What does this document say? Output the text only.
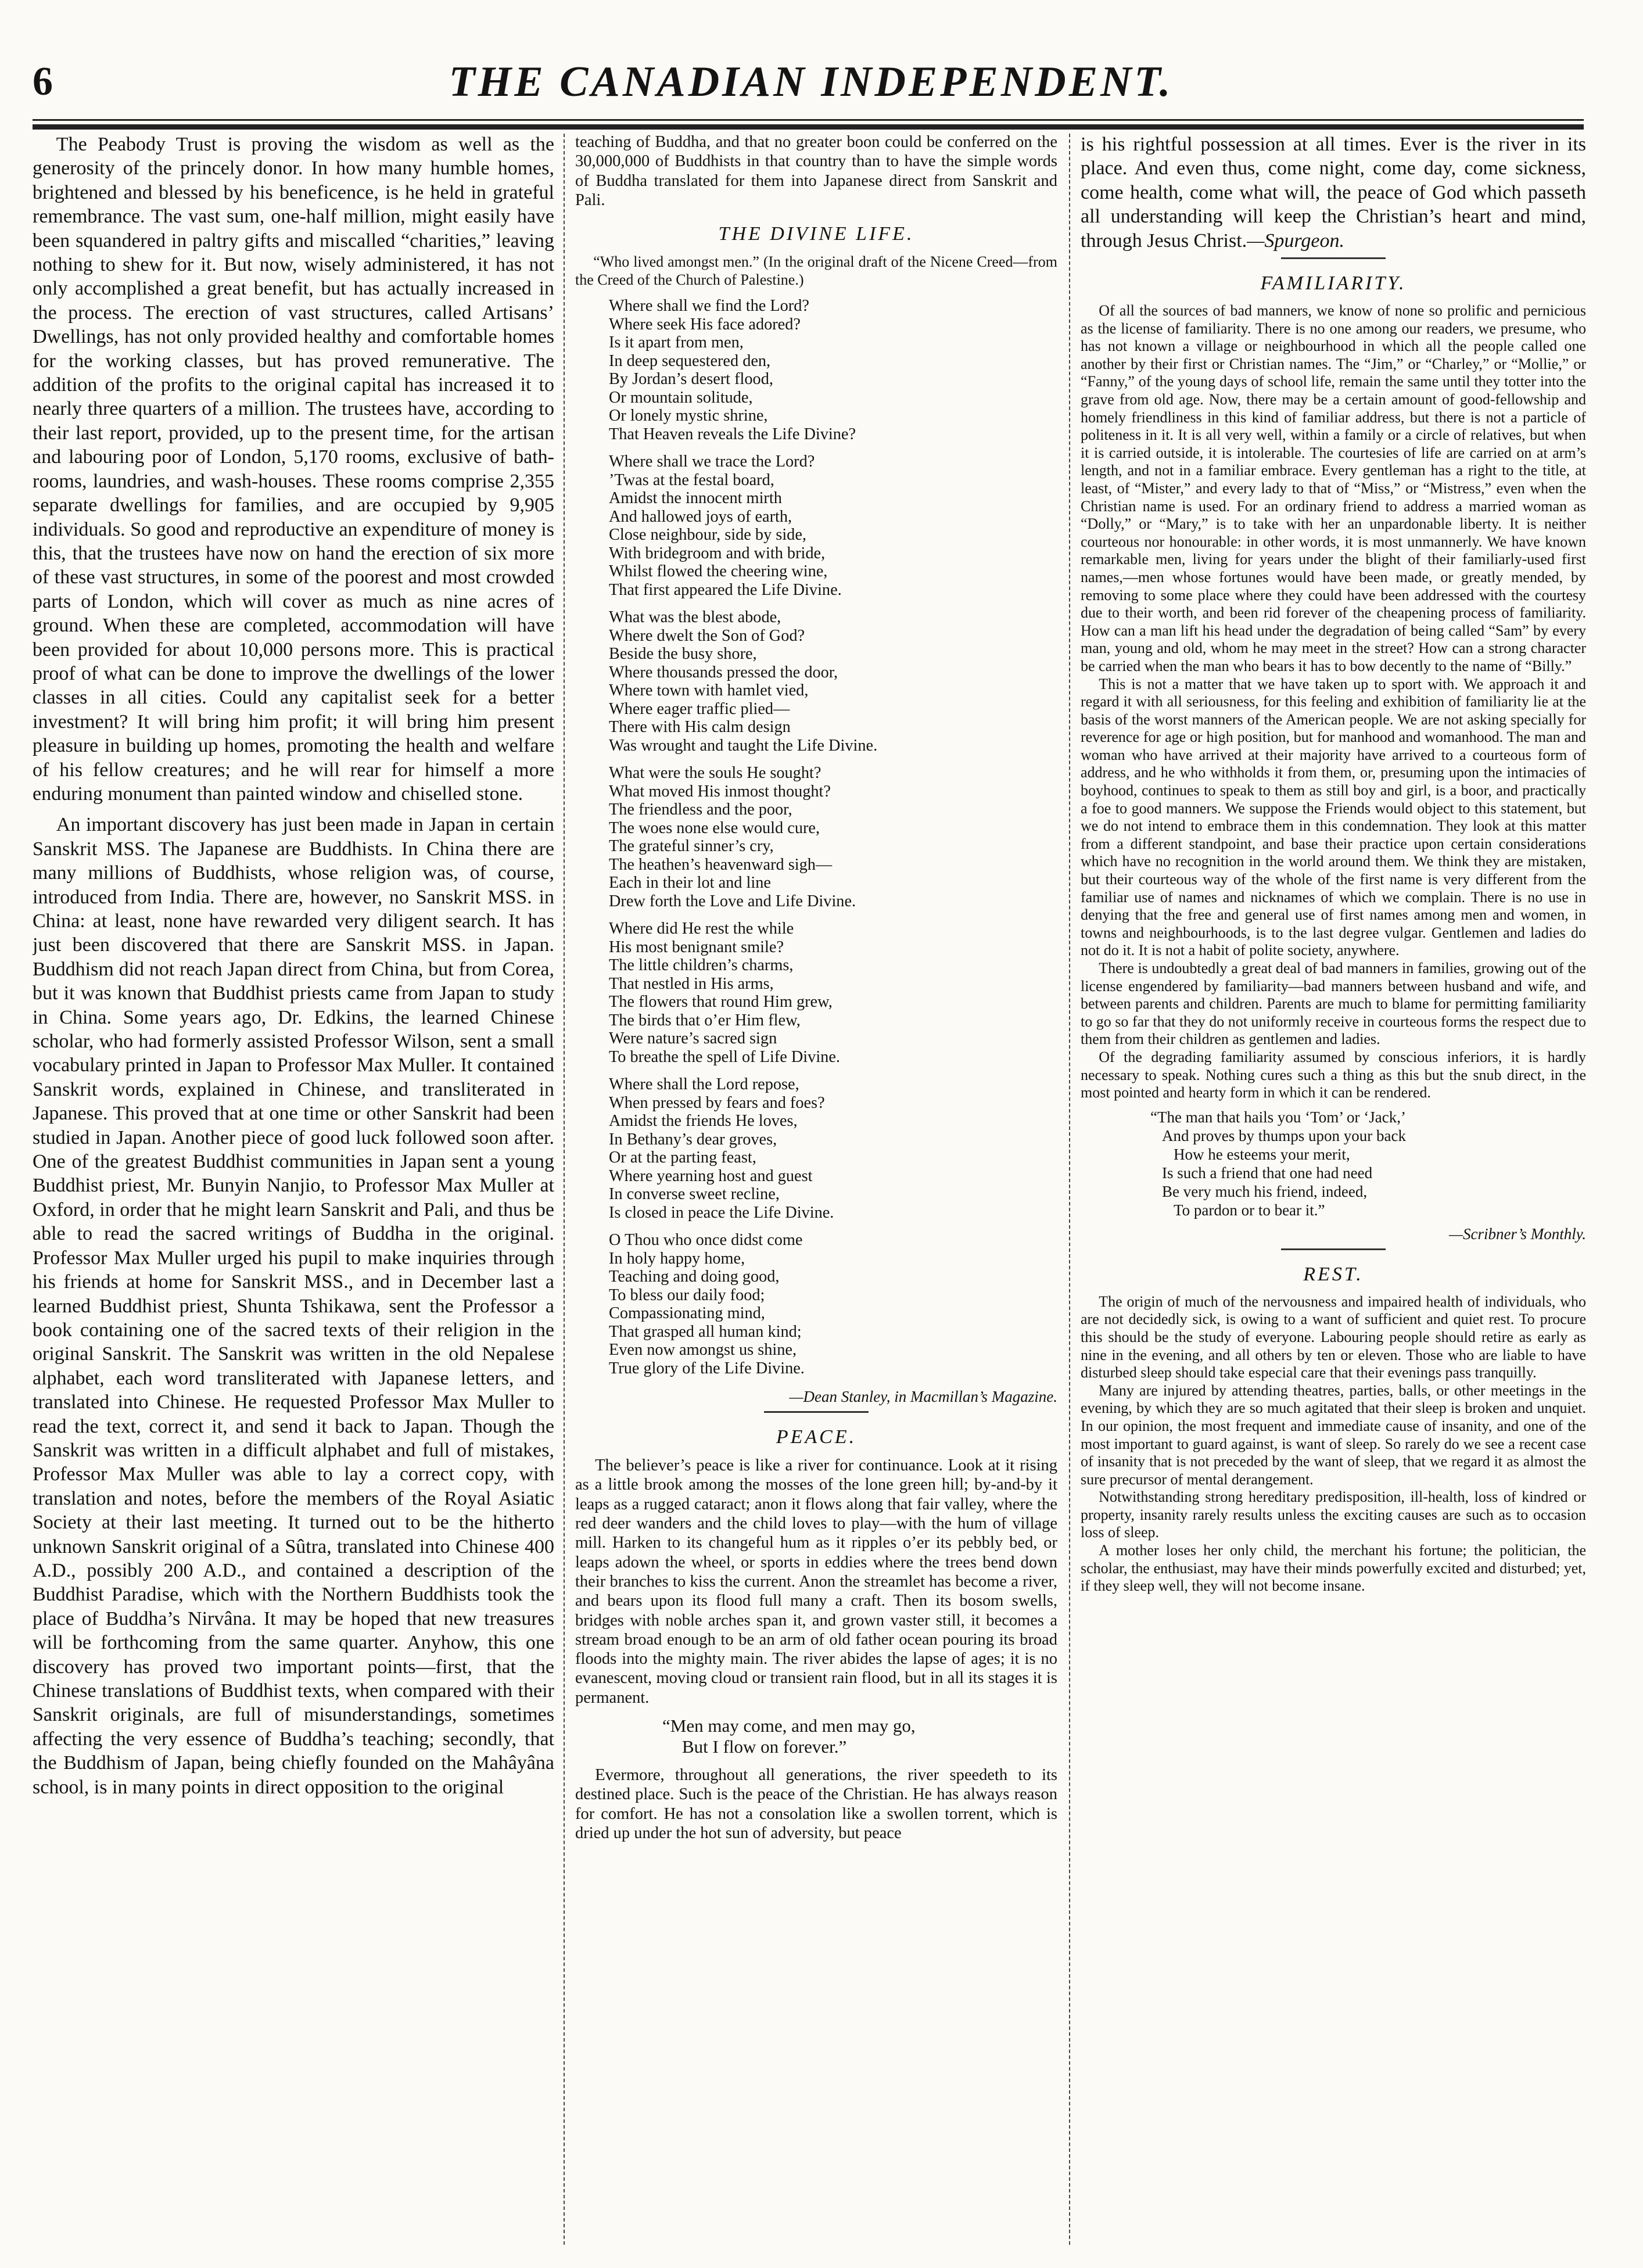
6	THE CANADIAN INDEPENDENT.

The Peabody Trust is proving the wisdom as well as the generosity of the princely donor. In how many humble homes, brightened and blessed by his beneficence, is he held in grateful remembrance. The vast sum, one-half million, might easily have been squandered in paltry gifts and miscalled “charities,” leaving nothing to shew for it. But now, wisely administered, it has not only accomplished a great benefit, but has actually increased in the process. The erection of vast structures, called Artisans’ Dwellings, has not only provided healthy and comfortable homes for the working classes, but has proved remunerative. The addition of the profits to the original capital has increased it to nearly three quarters of a million. The trustees have, according to their last report, provided, up to the present time, for the artisan and labouring poor of London, 5,170 rooms, exclusive of bath-rooms, laundries, and wash-houses. These rooms comprise 2,355 separate dwellings for families, and are occupied by 9,905 individuals. So good and reproductive an expenditure of money is this, that the trustees have now on hand the erection of six more of these vast structures, in some of the poorest and most crowded parts of London, which will cover as much as nine acres of ground. When these are completed, accommodation will have been provided for about 10,000 persons more. This is practical proof of what can be done to improve the dwellings of the lower classes in all cities. Could any capitalist seek for a better investment? It will bring him profit; it will bring him present pleasure in building up homes, promoting the health and welfare of his fellow creatures; and he will rear for himself a more enduring monument than painted window and chiselled stone.

An important discovery has just been made in Japan in certain Sanskrit MSS. The Japanese are Buddhists. In China there are many millions of Buddhists, whose religion was, of course, introduced from India. There are, however, no Sanskrit MSS. in China: at least, none have rewarded very diligent search. It has just been discovered that there are Sanskrit MSS. in Japan. Buddhism did not reach Japan direct from China, but from Corea, but it was known that Buddhist priests came from Japan to study in China. Some years ago, Dr. Edkins, the learned Chinese scholar, who had formerly assisted Professor Wilson, sent a small vocabulary printed in Japan to Professor Max Muller. It contained Sanskrit words, explained in Chinese, and transliterated in Japanese. This proved that at one time or other Sanskrit had been studied in Japan. Another piece of good luck followed soon after. One of the greatest Buddhist communities in Japan sent a young Buddhist priest, Mr. Bunyin Nanjio, to Professor Max Muller at Oxford, in order that he might learn Sanskrit and Pali, and thus be able to read the sacred writings of Buddha in the original. Professor Max Muller urged his pupil to make inquiries through his friends at home for Sanskrit MSS., and in December last a learned Buddhist priest, Shunta Tshikawa, sent the Professor a book containing one of the sacred texts of their religion in the original Sanskrit. The Sanskrit was written in the old Nepalese alphabet, each word transliterated with Japanese letters, and translated into Chinese. He requested Professor Max Muller to read the text, correct it, and send it back to Japan. Though the Sanskrit was written in a difficult alphabet and full of mistakes, Professor Max Muller was able to lay a correct copy, with translation and notes, before the members of the Royal Asiatic Society at their last meeting. It turned out to be the hitherto unknown Sanskrit original of a Sûtra, translated into Chinese 400 A.D., possibly 200 A.D., and contained a description of the Buddhist Paradise, which with the Northern Buddhists took the place of Buddha’s Nirvâna. It may be hoped that new treasures will be forthcoming from the same quarter. Anyhow, this one discovery has proved two important points—first, that the Chinese translations of Buddhist texts, when compared with their Sanskrit originals, are full of misunderstandings, sometimes affecting the very essence of Buddha’s teaching; secondly, that the Buddhism of Japan, being chiefly founded on the Mahâyâna school, is in many points in direct opposition to the original

teaching of Buddha, and that no greater boon could be conferred on the 30,000,000 of Buddhists in that country than to have the simple words of Buddha translated for them into Japanese direct from Sanskrit and Pali.

THE DIVINE LIFE.

“Who lived amongst men.” (In the original draft of the Nicene Creed—from the Creed of the Church of Palestine.)

Where shall we find the Lord?
Where seek His face adored?
Is it apart from men,
In deep sequestered den,
By Jordan’s desert flood,
Or mountain solitude,
Or lonely mystic shrine,
That Heaven reveals the Life Divine?
Where shall we trace the Lord?
’Twas at the festal board,
Amidst the innocent mirth
And hallowed joys of earth,
Close neighbour, side by side,
With bridegroom and with bride,
Whilst flowed the cheering wine,
That first appeared the Life Divine.
What was the blest abode,
Where dwelt the Son of God?
Beside the busy shore,
Where thousands pressed the door,
Where town with hamlet vied,
Where eager traffic plied—
There with His calm design
Was wrought and taught the Life Divine.
What were the souls He sought?
What moved His inmost thought?
The friendless and the poor,
The woes none else would cure,
The grateful sinner’s cry,
The heathen’s heavenward sigh—
Each in their lot and line
Drew forth the Love and Life Divine.
Where did He rest the while
His most benignant smile?
The little children’s charms,
That nestled in His arms,
The flowers that round Him grew,
The birds that o’er Him flew,
Were nature’s sacred sign
To breathe the spell of Life Divine.
Where shall the Lord repose,
When pressed by fears and foes?
Amidst the friends He loves,
In Bethany’s dear groves,
Or at the parting feast,
Where yearning host and guest
In converse sweet recline,
Is closed in peace the Life Divine.
O Thou who once didst come
In holy happy home,
Teaching and doing good,
To bless our daily food;
Compassionating mind,
That grasped all human kind;
Even now amongst us shine,
True glory of the Life Divine.

—Dean Stanley, in Macmillan’s Magazine.

PEACE.

The believer’s peace is like a river for continuance. Look at it rising as a little brook among the mosses of the lone green hill; by-and-by it leaps as a rugged cataract; anon it flows along that fair valley, where the red deer wanders and the child loves to play—with the hum of village mill. Harken to its changeful hum as it ripples o’er its pebbly bed, or leaps adown the wheel, or sports in eddies where the trees bend down their branches to kiss the current. Anon the streamlet has become a river, and bears upon its flood full many a craft. Then its bosom swells, bridges with noble arches span it, and grown vaster still, it becomes a stream broad enough to be an arm of old father ocean pouring its broad floods into the mighty main. The river abides the lapse of ages; it is no evanescent, moving cloud or transient rain flood, but in all its stages it is permanent.

“Men may come, and men may go,
But I flow on forever.”

Evermore, throughout all generations, the river speedeth to its destined place. Such is the peace of the Christian. He has always reason for comfort. He has not a consolation like a swollen torrent, which is dried up under the hot sun of adversity, but peace

is his rightful possession at all times. Ever is the river in its place. And even thus, come night, come day, come sickness, come health, come what will, the peace of God which passeth all understanding will keep the Christian’s heart and mind, through Jesus Christ.—Spurgeon.

FAMILIARITY.

Of all the sources of bad manners, we know of none so prolific and pernicious as the license of familiarity. There is no one among our readers, we presume, who has not known a village or neighbourhood in which all the people called one another by their first or Christian names. The “Jim,” or “Charley,” or “Mollie,” or “Fanny,” of the young days of school life, remain the same until they totter into the grave from old age. Now, there may be a certain amount of good-fellowship and homely friendliness in this kind of familiar address, but there is not a particle of politeness in it. It is all very well, within a family or a circle of relatives, but when it is carried outside, it is intolerable. The courtesies of life are carried on at arm’s length, and not in a familiar embrace. Every gentleman has a right to the title, at least, of “Mister,” and every lady to that of “Miss,” or “Mistress,” even when the Christian name is used. For an ordinary friend to address a married woman as “Dolly,” or “Mary,” is to take with her an unpardonable liberty. It is neither courteous nor honourable: in other words, it is most unmannerly. We have known remarkable men, living for years under the blight of their familiarly-used first names,—men whose fortunes would have been made, or greatly mended, by removing to some place where they could have been addressed with the courtesy due to their worth, and been rid forever of the cheapening process of familiarity. How can a man lift his head under the degradation of being called “Sam” by every man, young and old, whom he may meet in the street? How can a strong character be carried when the man who bears it has to bow decently to the name of “Billy.”

This is not a matter that we have taken up to sport with. We approach it and regard it with all seriousness, for this feeling and exhibition of familiarity lie at the basis of the worst manners of the American people. We are not asking specially for reverence for age or high position, but for manhood and womanhood. The man and woman who have arrived at their majority have arrived to a courteous form of address, and he who withholds it from them, or, presuming upon the intimacies of boyhood, continues to speak to them as still boy and girl, is a boor, and practically a foe to good manners. We suppose the Friends would object to this statement, but we do not intend to embrace them in this condemnation. They look at this matter from a different standpoint, and base their practice upon certain considerations which have no recognition in the world around them. We think they are mistaken, but their courteous way of the whole of the first name is very different from the familiar use of names and nicknames of which we complain. There is no use in denying that the free and general use of first names among men and women, in towns and neighbourhoods, is to the last degree vulgar. Gentlemen and ladies do not do it. It is not a habit of polite society, anywhere.

There is undoubtedly a great deal of bad manners in families, growing out of the license engendered by familiarity—bad manners between husband and wife, and between parents and children. Parents are much to blame for permitting familiarity to go so far that they do not uniformly receive in courteous forms the respect due to them from their children as gentlemen and ladies.

Of the degrading familiarity assumed by conscious inferiors, it is hardly necessary to speak. Nothing cures such a thing as this but the snub direct, in the most pointed and hearty form in which it can be rendered.

“The man that hails you ‘Tom’ or ‘Jack,’
And proves by thumps upon your back
How he esteems your merit,
Is such a friend that one had need
Be very much his friend, indeed,
To pardon or to bear it.”

—Scribner’s Monthly.

REST.

The origin of much of the nervousness and impaired health of individuals, who are not decidedly sick, is owing to a want of sufficient and quiet rest. To procure this should be the study of everyone. Labouring people should retire as early as nine in the evening, and all others by ten or eleven. Those who are liable to have disturbed sleep should take especial care that their evenings pass tranquilly.

Many are injured by attending theatres, parties, balls, or other meetings in the evening, by which they are so much agitated that their sleep is broken and unquiet. In our opinion, the most frequent and immediate cause of insanity, and one of the most important to guard against, is want of sleep. So rarely do we see a recent case of insanity that is not preceded by the want of sleep, that we regard it as almost the sure precursor of mental derangement.

Notwithstanding strong hereditary predisposition, ill-health, loss of kindred or property, insanity rarely results unless the exciting causes are such as to occasion loss of sleep.

A mother loses her only child, the merchant his fortune; the politician, the scholar, the enthusiast, may have their minds powerfully excited and disturbed; yet, if they sleep well, they will not become insane.
